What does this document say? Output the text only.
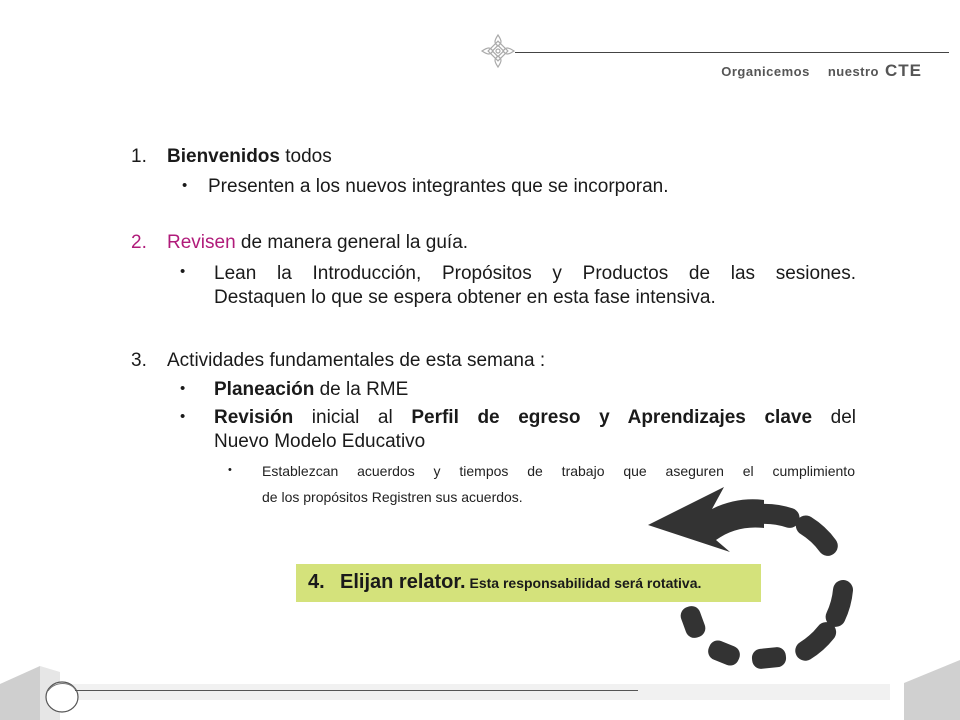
Organicemos nuestro CTE
1. Bienvenidos todos
• Presenten a los nuevos integrantes que se incorporan.
2. Revisen de manera general la guía.
• Lean la Introducción, Propósitos y Productos de las sesiones.
Destaquen lo que se espera obtener en esta fase intensiva.
3. Actividades fundamentales de esta semana :
• Planeación de la RME
• Revisión inicial al Perfil de egreso y Aprendizajes clave del
Nuevo Modelo Educativo
• Establezcan acuerdos y tiempos de trabajo que aseguren el cumplimiento
de los propósitos Registren sus acuerdos.
4. Elijan relator. Esta responsabilidad será rotativa.
